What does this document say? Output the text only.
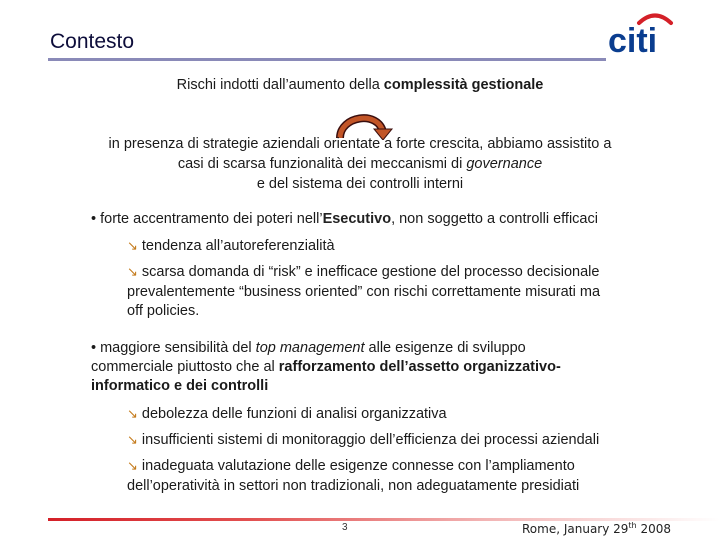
Contesto	citi
Rischi indotti dall’aumento della complessità gestionale
in presenza di strategie aziendali orientate a forte crescita, abbiamo assistito a
casi di scarsa funzionalità dei meccanismi di governance
e del sistema dei controlli interni
• forte accentramento dei poteri nell’Esecutivo, non soggetto a controlli efficaci
↘ tendenza all’autoreferenzialità
↘ scarsa domanda di “risk” e inefficace gestione del processo decisionale
prevalentemente “business oriented” con rischi correttamente misurati ma
off policies.
• maggiore sensibilità del top management alle esigenze di sviluppo
commerciale piuttosto che al rafforzamento dell’assetto organizzativo-
informatico e dei controlli
↘ debolezza delle funzioni di analisi organizzativa
↘ insufficienti sistemi di monitoraggio dell’efficienza dei processi aziendali
↘ inadeguata valutazione delle esigenze connesse con l’ampliamento
dell’operatività in settori non tradizionali, non adeguatamente presidiati
3	Rome, January 29th 2008
